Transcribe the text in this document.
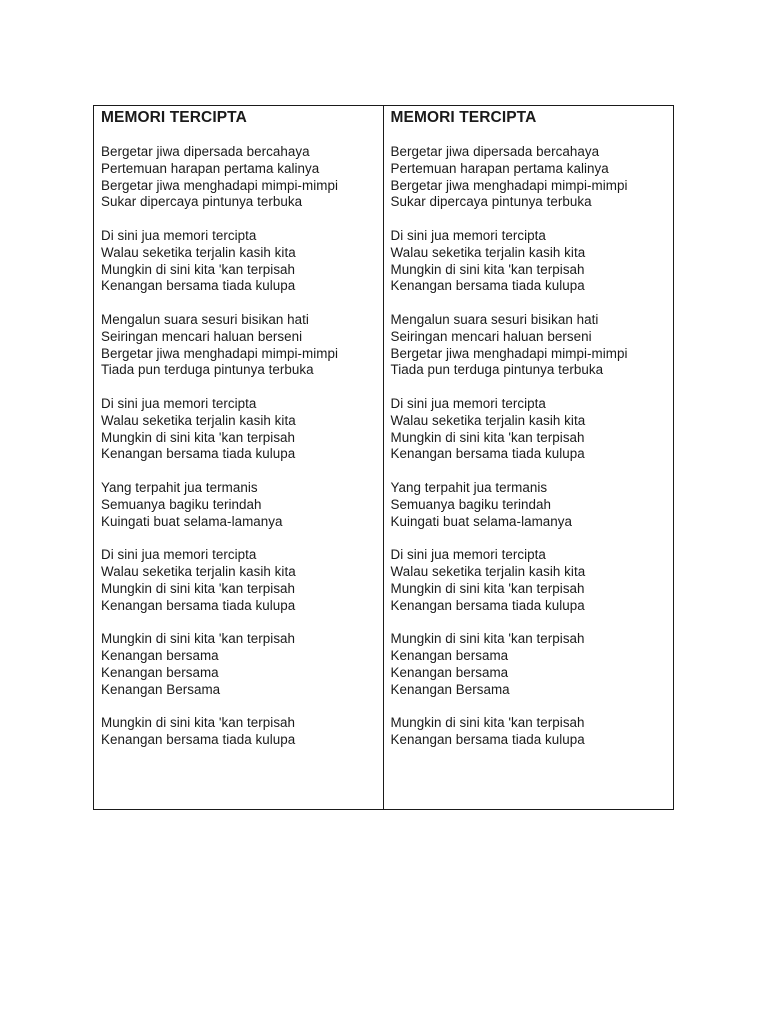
MEMORI TERCIPTA
Bergetar jiwa dipersada bercahaya
Pertemuan harapan pertama kalinya
Bergetar jiwa menghadapi mimpi-mimpi
Sukar dipercaya pintunya terbuka
Di sini jua memori tercipta
Walau seketika terjalin kasih kita
Mungkin di sini kita 'kan terpisah
Kenangan bersama tiada kulupa
Mengalun suara sesuri bisikan hati
Seiringan mencari haluan berseni
Bergetar jiwa menghadapi mimpi-mimpi
Tiada pun terduga pintunya terbuka
Di sini jua memori tercipta
Walau seketika terjalin kasih kita
Mungkin di sini kita 'kan terpisah
Kenangan bersama tiada kulupa
Yang terpahit jua termanis
Semuanya bagiku terindah
Kuingati buat selama-lamanya
Di sini jua memori tercipta
Walau seketika terjalin kasih kita
Mungkin di sini kita 'kan terpisah
Kenangan bersama tiada kulupa
Mungkin di sini kita 'kan terpisah
Kenangan bersama
Kenangan bersama
Kenangan Bersama
Mungkin di sini kita 'kan terpisah
Kenangan bersama tiada kulupa
MEMORI TERCIPTA
Bergetar jiwa dipersada bercahaya
Pertemuan harapan pertama kalinya
Bergetar jiwa menghadapi mimpi-mimpi
Sukar dipercaya pintunya terbuka
Di sini jua memori tercipta
Walau seketika terjalin kasih kita
Mungkin di sini kita 'kan terpisah
Kenangan bersama tiada kulupa
Mengalun suara sesuri bisikan hati
Seiringan mencari haluan berseni
Bergetar jiwa menghadapi mimpi-mimpi
Tiada pun terduga pintunya terbuka
Di sini jua memori tercipta
Walau seketika terjalin kasih kita
Mungkin di sini kita 'kan terpisah
Kenangan bersama tiada kulupa
Yang terpahit jua termanis
Semuanya bagiku terindah
Kuingati buat selama-lamanya
Di sini jua memori tercipta
Walau seketika terjalin kasih kita
Mungkin di sini kita 'kan terpisah
Kenangan bersama tiada kulupa
Mungkin di sini kita 'kan terpisah
Kenangan bersama
Kenangan bersama
Kenangan Bersama
Mungkin di sini kita 'kan terpisah
Kenangan bersama tiada kulupa
